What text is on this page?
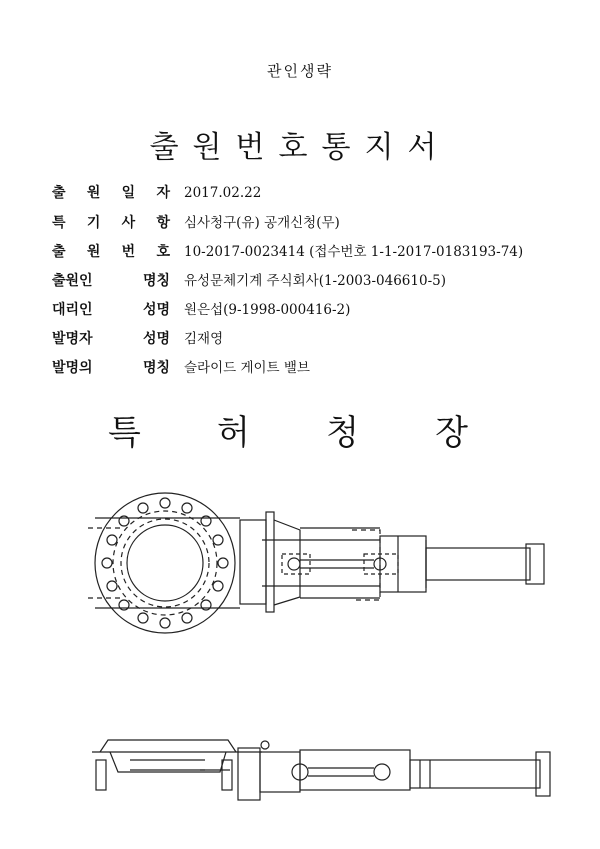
관인생략
출원번호통지서
출 원 일 자 2017.02.22
특 기 사 항 심사청구(유) 공개신청(무)
출 원 번 호 10-2017-0023414 (접수번호 1-1-2017-0183193-74)
출원인	명칭 유성문체기계 주식회사(1-2003-046610-5)
대리인	성명 원은섭(9-1998-000416-2)
발명자	성명 김재영
발명의	명칭 슬라이드 게이트 밸브
특 허 청 장
